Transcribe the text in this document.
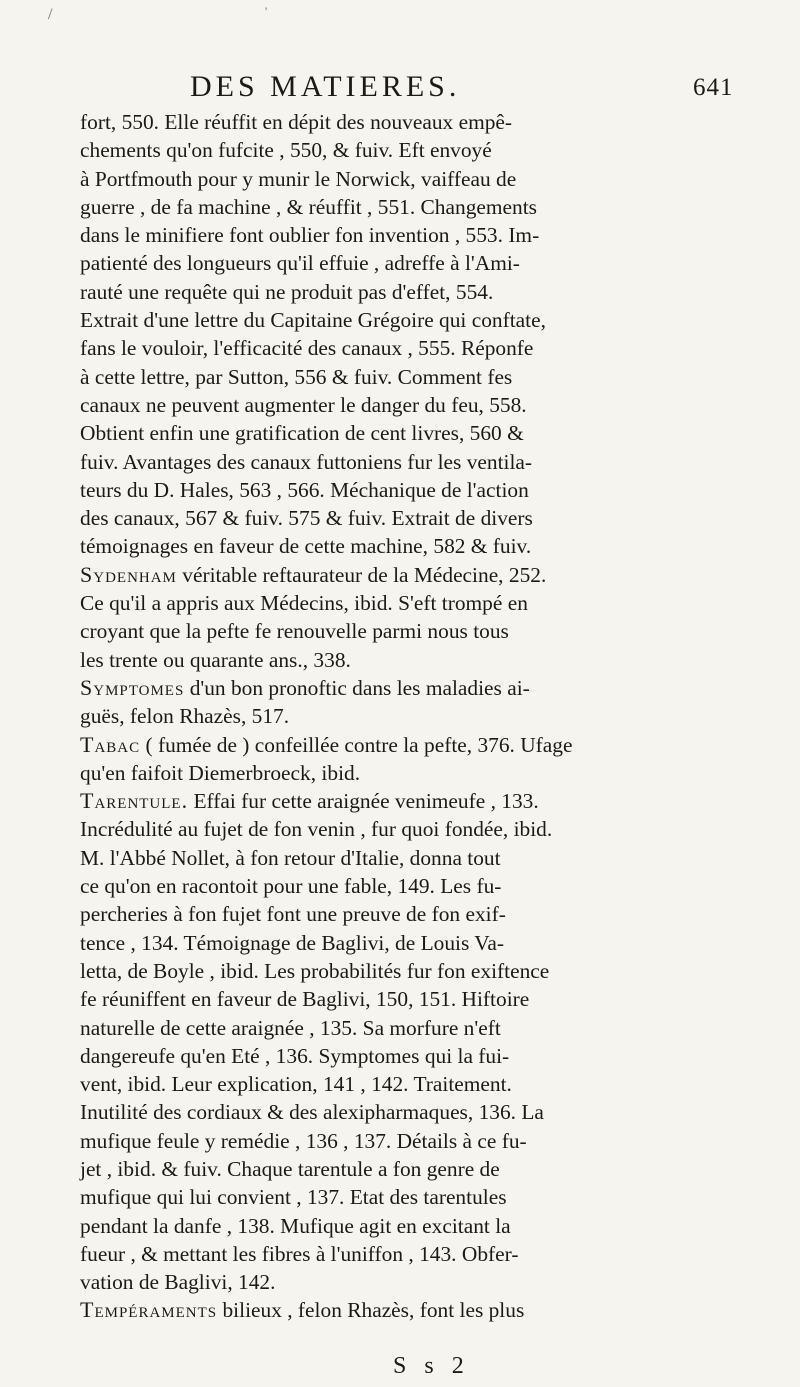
/	'
DES MATIERES.	641

fort, 550. Elle réuffit en dépit des nouveaux empê-
chements qu'on fufcite , 550, & fuiv. Eft envoyé
à Portfmouth pour y munir le Norwick, vaiffeau de
guerre , de fa machine , & réuffit , 551. Changements
dans le minifiere font oublier fon invention , 553. Im-
patienté des longueurs qu'il effuie , adreffe à l'Ami-
rauté une requête qui ne produit pas d'effet, 554.
Extrait d'une lettre du Capitaine Grégoire qui conftate,
fans le vouloir, l'efficacité des canaux , 555. Réponfe
à cette lettre, par Sutton, 556 & fuiv. Comment fes
canaux ne peuvent augmenter le danger du feu, 558.
Obtient enfin une gratification de cent livres, 560 &
fuiv. Avantages des canaux futtoniens fur les ventila-
teurs du D. Hales, 563 , 566. Méchanique de l'action
des canaux, 567 & fuiv. 575 & fuiv. Extrait de divers
témoignages en faveur de cette machine, 582 & fuiv.

Sydenham véritable reftaurateur de la Médecine, 252.
Ce qu'il a appris aux Médecins, ibid. S'eft trompé en
croyant que la pefte fe renouvelle parmi nous tous
les trente ou quarante ans., 338.

Symptomes d'un bon pronoftic dans les maladies ai-
guës, felon Rhazès, 517.

Tabac ( fumée de ) confeillée contre la pefte, 376. Ufage
qu'en faifoit Diemerbroeck, ibid.

Tarentule. Effai fur cette araignée venimeufe , 133.
Incrédulité au fujet de fon venin , fur quoi fondée, ibid.
M. l'Abbé Nollet, à fon retour d'Italie, donna tout
ce qu'on en racontoit pour une fable, 149. Les fu-
percheries à fon fujet font une preuve de fon exif-
tence , 134. Témoignage de Baglivi, de Louis Va-
letta, de Boyle , ibid. Les probabilités fur fon exiftence
fe réuniffent en faveur de Baglivi, 150, 151. Hiftoire
naturelle de cette araignée , 135. Sa morfure n'eft
dangereufe qu'en Eté , 136. Symptomes qui la fui-
vent, ibid. Leur explication, 141 , 142. Traitement.
Inutilité des cordiaux & des alexipharmaques, 136. La
mufique feule y remédie , 136 , 137. Détails à ce fu-
jet , ibid. & fuiv. Chaque tarentule a fon genre de
mufique qui lui convient , 137. Etat des tarentules
pendant la danfe , 138. Mufique agit en excitant la
fueur , & mettant les fibres à l'uniffon , 143. Obfer-
vation de Baglivi, 142.

Tempéraments bilieux , felon Rhazès, font les plus

S s 2
